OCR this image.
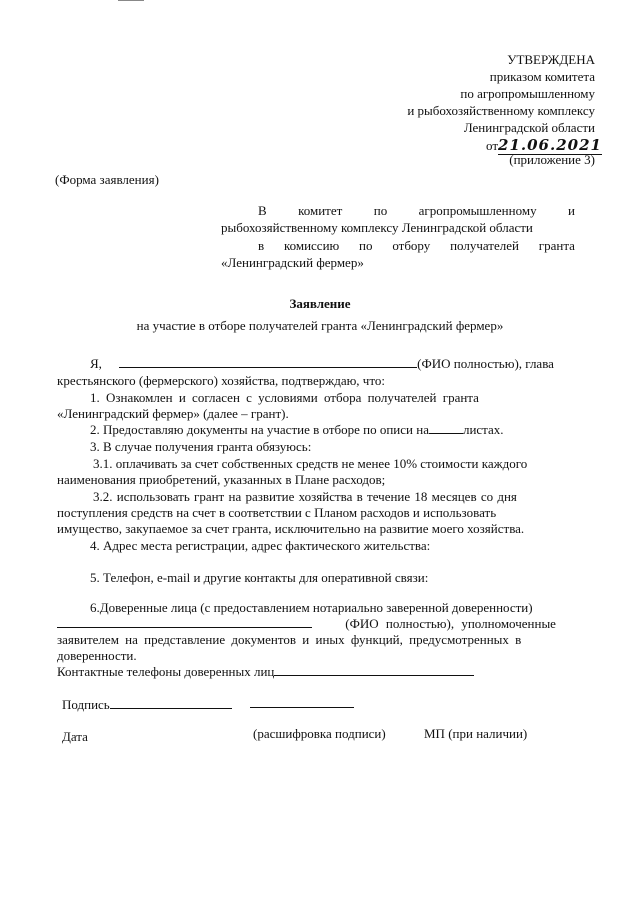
УТВЕРЖДЕНА
приказом комитета
по агропромышленному
и рыбохозяйственному комплексу
Ленинградской области
от21.06.2021
(приложение 3)
(Форма заявления)
В комитет по агропромышленному и
рыбохозяйственному комплексу Ленинградской области
в комиссию по отбору получателей гранта
«Ленинградский фермер»
Заявление
на участие в отборе получателей гранта «Ленинградский фермер»
Я,	(ФИО полностью), глава
крестьянского (фермерского) хозяйства, подтверждаю, что:
1. Ознакомлен и согласен с условиями отбора получателей гранта
«Ленинградский фермер» (далее – грант).
2. Предоставляю документы на участие в отборе по описи на	листах.
3. В случае получения гранта обязуюсь:
3.1. оплачивать за счет собственных средств не менее 10% стоимости каждого
наименования приобретений, указанных в Плане расходов;
3.2. использовать грант на развитие хозяйства в течение 18 месяцев со дня
поступления средств на счет в соответствии с Планом расходов и использовать
имущество, закупаемое за счет гранта, исключительно на развитие моего хозяйства.
4. Адрес места регистрации, адрес фактического жительства:
5. Телефон, e-mail и другие контакты для оперативной связи:
6.Доверенные лица (с предоставлением нотариально заверенной доверенности)
(ФИО полностью), уполномоченные
заявителем на представление документов и иных функций, предусмотренных в
доверенности.
Контактные телефоны доверенных лиц
Подпись
Дата	(расшифровка подписи)	МП (при наличии)
